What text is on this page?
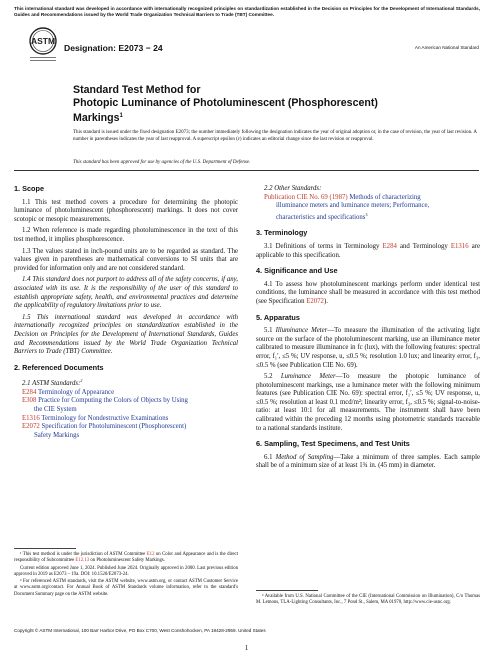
This international standard was developed in accordance with internationally recognized principles on standardization established in the Decision on Principles for the Development of International Standards, Guides and Recommendations issued by the World Trade Organization Technical Barriers to Trade (TBT) Committee.
ASTM
Designation: E2073 − 24	An American National Standard
Standard Test Method for
Photopic Luminance of Photoluminescent (Phosphorescent)
Markings$^1$
This standard is issued under the fixed designation E2073; the number immediately following the designation indicates the year of original adoption or, in the case of revision, the year of last revision. A number in parentheses indicates the year of last reapproval. A superscript epsilon (ε) indicates an editorial change since the last revision or reapproval.
This standard has been approved for use by agencies of the U.S. Department of Defense.
1. Scope

1.1 This test method covers a procedure for determining the photopic luminance of photoluminescent (phosphorescent) markings. It does not cover scotopic or mesopic measurements.

1.2 When reference is made regarding photoluminescence in the text of this test method, it implies phosphorescence.

1.3 The values stated in inch-pound units are to be regarded as standard. The values given in parentheses are mathematical conversions to SI units that are provided for information only and are not considered standard.

1.4 This standard does not purport to address all of the safety concerns, if any, associated with its use. It is the responsibility of the user of this standard to establish appropriate safety, health, and environmental practices and determine the applicability of regulatory limitations prior to use.

1.5 This international standard was developed in accordance with internationally recognized principles on standardization established in the Decision on Principles for the Development of International Standards, Guides and Recommendations issued by the World Trade Organization Technical Barriers to Trade (TBT) Committee.

2. Referenced Documents
2.1 ASTM Standards:$^2$
E284 Terminology of Appearance
E308 Practice for Computing the Colors of Objects by Using
the CIE System
E1316 Terminology for Nondestructive Examinations
E2072 Specification for Photoluminescent (Phosphorescent)
Safety Markings
2.2 Other Standards:
Publication CIE No. 69 (1987) Methods of characterizing
illuminance meters and luminance meters; Performance,
characteristics and specifications$^3$
3. Terminology

3.1 Definitions of terms in Terminology E284 and Terminology E1316 are applicable to this specification.

4. Significance and Use

4.1 To assess how photoluminescent markings perform under identical test conditions, the luminance shall be measured in accordance with this test method (see Specification E2072).

5. Apparatus

5.1 Illuminance Meter—To measure the illumination of the activating light source on the surface of the photoluminescent marking, use an illuminance meter calibrated to measure illuminance in fc (lux), with the following features: spectral error, f₁′, ≤5 %; UV response, u, ≤0.5 %; resolution 1.0 lux; and linearity error, f₃, ≤0.5 % (see Publication CIE No. 69).

5.2 Luminance Meter—To measure the photopic luminance of photoluminescent markings, use a luminance meter with the following minimum features (see Publication CIE No. 69): spectral error, f₁′, ≤5 %; UV response, u, ≤0.5 %; resolution at least 0.1 mcd/m²; linearity error, f₃, ≤0.5 %; signal-to-noise-ratio: at least 10:1 for all measurements. The instrument shall have been calibrated within the preceding 12 months using photometric standards traceable to a national standards institute.

6. Sampling, Test Specimens, and Test Units

6.1 Method of Sampling—Take a minimum of three samples. Each sample shall be of a minimum size of at least 1¾ in. (45 mm) in diameter.

¹ This test method is under the jurisdiction of ASTM Committee E12 on Color and Appearance and is the direct responsibility of Subcommittee E12.13 on Photoluminescent Safety Markings.

Current edition approved June 1, 2024. Published June 2024. Originally approved in 2000. Last previous edition approved in 2019 as E2073 – 19a. DOI: 10.1520/E2073-24.

² For referenced ASTM standards, visit the ASTM website, www.astm.org, or contact ASTM Customer Service at www.astm.org/contact. For Annual Book of ASTM Standards volume information, refer to the standard's Document Summary page on the ASTM website.	³ Available from U.S. National Committee of the CIE (International Commission on Illumination), C/o Thomas M. Lemons, TLA-Lighting Consultants, Inc., 7 Pond St., Salem, MA 01970, http://www.cie-usnc.org.

Copyright © ASTM International, 100 Barr Harbor Drive, PO Box C700, West Conshohocken, PA 19428-2959. United States
1
